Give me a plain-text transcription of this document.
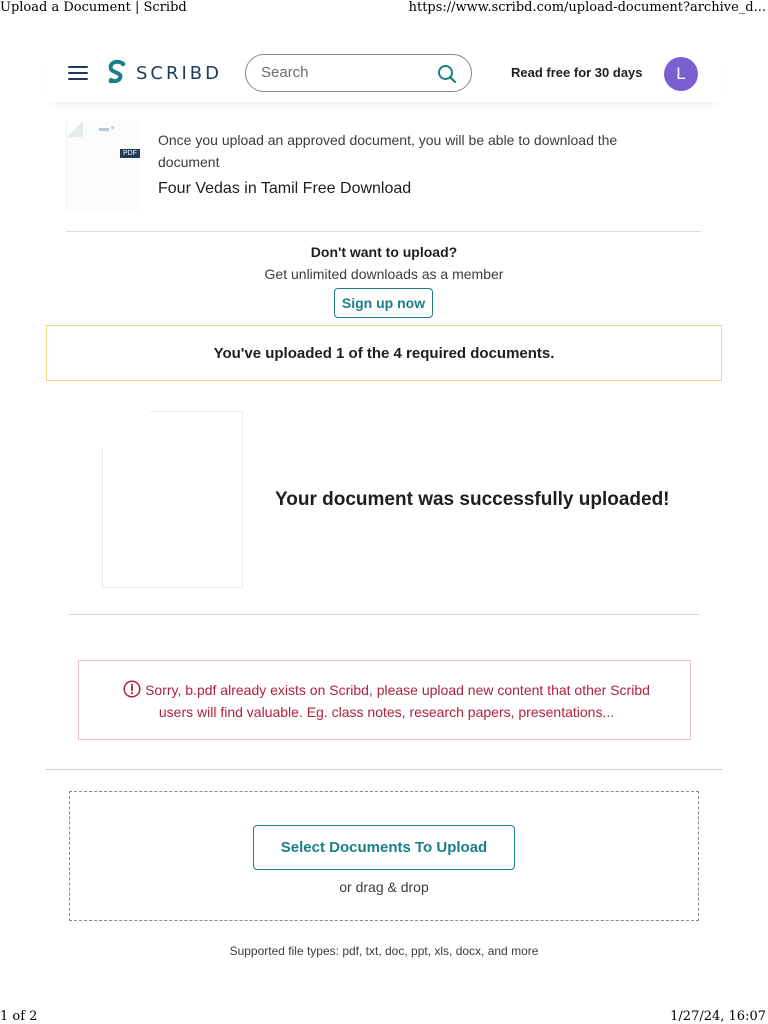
Upload a Document | Scribd	https://www.scribd.com/upload-document?archive_d...
SCRIBD
Search	Read free for 30 days	L
PDF
Once you upload an approved document, you will be able to download the document
Four Vedas in Tamil Free Download
Don't want to upload?
Get unlimited downloads as a member
Sign up now
You've uploaded 1 of the 4 required documents.
Your document was successfully uploaded!
Sorry, b.pdf already exists on Scribd, please upload new content that other Scribd users will find valuable. Eg. class notes, research papers, presentations...
Select Documents To Upload
or drag & drop
Supported file types: pdf, txt, doc, ppt, xls, docx, and more
1 of 2	1/27/24, 16:07
